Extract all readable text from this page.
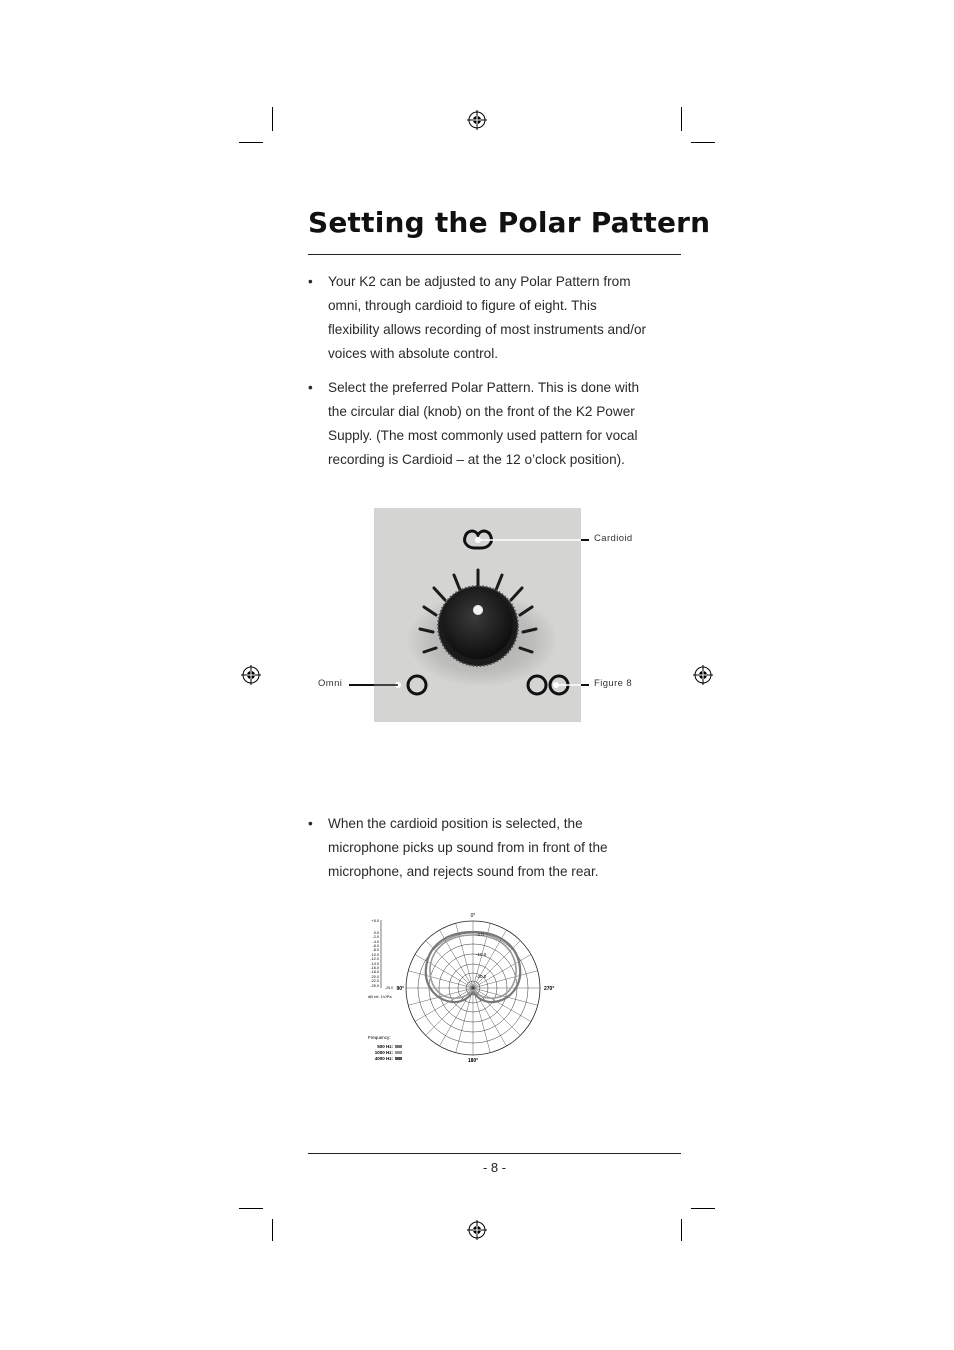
Setting the Polar Pattern
• Your K2 can be adjusted to any Polar Pattern from omni, through cardioid to figure of eight. This flexibility allows recording of most instruments and/or voices with absolute control.
• Select the preferred Polar Pattern. This is done with the circular dial (knob) on the front of the K2 Power Supply. (The most commonly used pattern for vocal recording is Cardioid – at the 12 o’clock position).
Cardioid
Omni	Figure 8
• When the cardioid position is selected, the microphone picks up sound from in front of the microphone, and rejects sound from the rear.
0°
90°	270°
180°
-2.0
-10.0
-20.0
+5.0
0.0
-2.0
-4.0
-6.0
-8.0
-10.0
-12.0
-14.0
-16.0
-18.0
-20.0
-22.0
-25.0 -25.0
dB rel. 1V/Pa
Frequency:
500 Hz:
1000 Hz:
4000 Hz:
- 8 -
